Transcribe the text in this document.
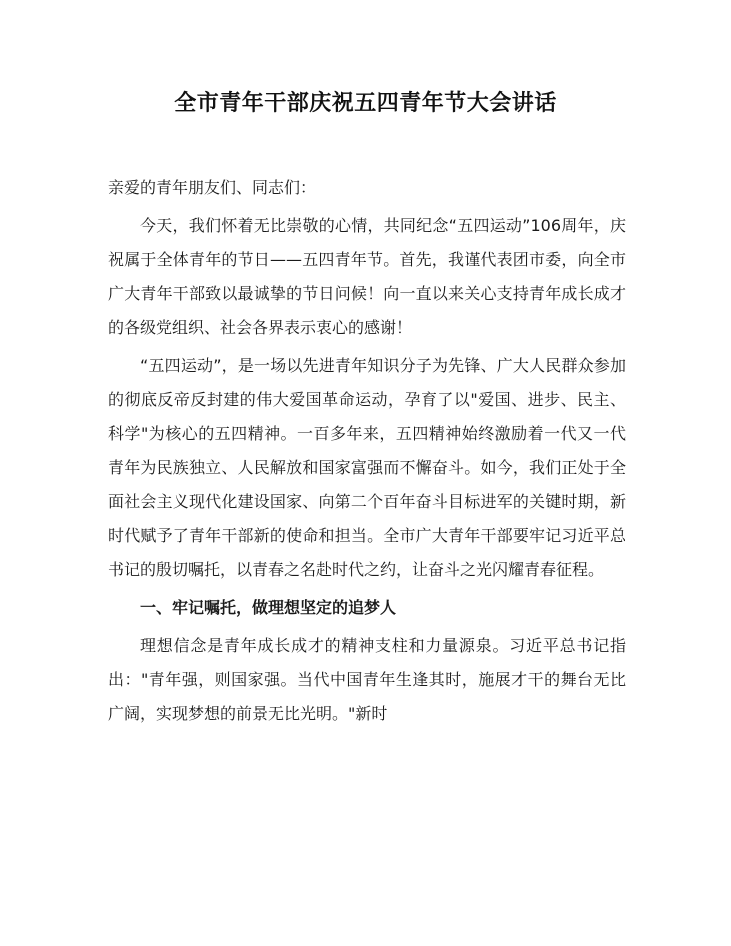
全市青年干部庆祝五四青年节大会讲话

亲爱的青年朋友们、同志们：

今天，我们怀着无比崇敬的心情，共同纪念“五四运动”106周年，庆祝属于全体青年的节日——五四青年节。首先，我谨代表团市委，向全市广大青年干部致以最诚挚的节日问候！向一直以来关心支持青年成长成才的各级党组织、社会各界表示衷心的感谢！

“五四运动”，是一场以先进青年知识分子为先锋、广大人民群众参加的彻底反帝反封建的伟大爱国革命运动，孕育了以"爱国、进步、民主、科学"为核心的五四精神。一百多年来，五四精神始终激励着一代又一代青年为民族独立、人民解放和国家富强而不懈奋斗。如今，我们正处于全面社会主义现代化建设国家、向第二个百年奋斗目标进军的关键时期，新时代赋予了青年干部新的使命和担当。全市广大青年干部要牢记习近平总书记的殷切嘱托，以青春之名赴时代之约，让奋斗之光闪耀青春征程。

一、牢记嘱托，做理想坚定的追梦人

理想信念是青年成长成才的精神支柱和力量源泉。习近平总书记指出："青年强，则国家强。当代中国青年生逢其时，施展才干的舞台无比广阔，实现梦想的前景无比光明。"新时
